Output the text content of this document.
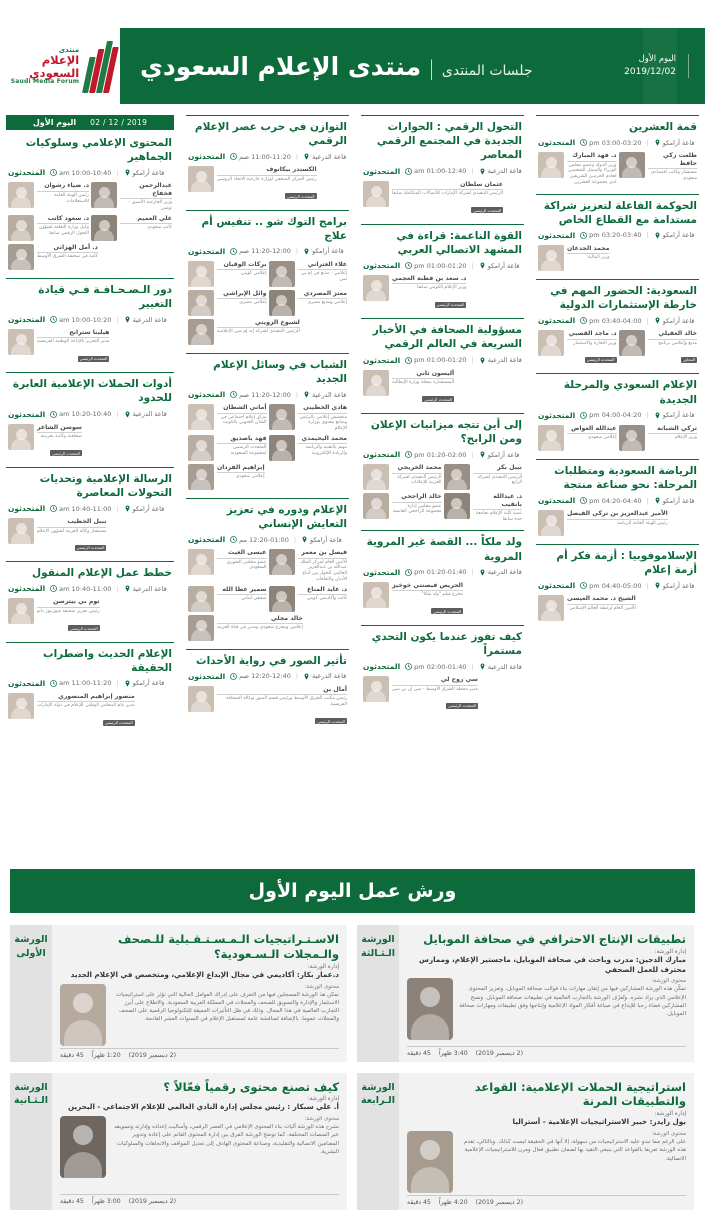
منتدى
الإعلام
السعودي
Saudi Media Forum
اليوم الأول
2019/12/02
جلسات المنتدى
|
منتدى الإعلام السعودي
اليوم الأول 2019 / 12 / 02
المحتوى الإعلامي وسلوكيات الجماهير
المتحدثون 10:00-10:40 am | قاعة أرامكو
د. ضياء رشوان
رئيس الهيئة العامة للاستعلامات
عبدالرحمن فخفاخ
وزير الخارجية الأسبق - تونس
د. سعود كاتب
وكيل وزارة الثقافة لشؤون التحول الرقمي سابقا
علي العميم
كاتب سعودي
د. أمل الهزاني
كاتبة في صحيفة الشرق الأوسط
دور الـصـحـافـة فـي قيادة التغيير
المتحدثون 10:00-10:20 am | قاعة الدرعية
هيلينا سترانج
مدير التحرير بالإذاعة الوطنية الفرنسية
المتحدث الرئيسي
أدوات الحملات الإعلامية العابرة للحدود
المتحدثون 10:20-10:40 am | قاعة الدرعية
سوسن الشاعر
صحافية وكاتبة بحرينية
المتحدث الرئيسي
الرسالة الإعلامية وتحديات التحولات المعاصرة
المتحدثون 10:40-11:00 am | قاعة أرامكو
نبيل الخطيب
مستشار وكالة العربية لشؤون الإعلام
المتحدث الرئيسي
خطط عمل الإعلام المنقول
المتحدثون 10:40-11:00 am | قاعة الدرعية
توم بي بيترسن
رئيس تحرير صحيفة فيوزنيوز دانو
المتحدث الرئيسي
الإعلام الحديث واضطراب الحقيقة
المتحدثون 11:00-11:20 am | قاعة أرامكو
منصور إبراهيم المنصوري
مدير عام المجلس الوطني للإعلام في دولة الإمارات
المتحدث الرئيسي
التوازن في حرب عصر الإعلام الرقمي
المتحدثون 11:00-11:20 صم | قاعة الدرعية
الكسندر بيكانوف
رئيس المركز الصحفي لوزارة خارجية الاتحاد الروسي
المتحدث الرئيسي
برامج التوك شو .. تنفيس أم علاج
المتحدثون 11:20-12:00 صم | قاعة أرامكو
بركات الوقيان
إعلامي كويتي
علاء الغتراني
إعلامي - مذيع في إم بي سي
وائل الإبراشي
إعلامي مصري
معتز المصردي
إعلامي ومذيع مصري
لشيوخ الزويني
الرئيس التنفيذي لشركة إيه إم سي الإعلامية
الشباب في وسائل الإعلام الجديد
المتحدثون 11:20-12:00 صم | قاعة الدرعية
أماني الشطان
مركز إعلام اجتماعي في الشأن الجنوبي بالكويت
هادي الخطيبي
متخصص إعلامي بالرئيس وصانع محتوى بوزارة الإعلام
فهد باصديق
المتحدث الرسمي لمجموعة السعودية
محمد اليحيمدي
مهتم بالتقنية والرياضة والريادة الإلكترونية
إبراهيم الفردان
إعلامي سعودي
الإعلام ودوره في تعزيز التعايش الإنساني
المتحدثون 12:20-01:00 مم | قاعة أرامكو
عيسى الغيث
عضو مجلس الشورى السعودي
فيصل بن معمر
الأمين العام لمركز الملك عبدالله بن عبدالعزيز العالمي للحوار بين أتباع الأديان والثقافات
سمير عطا الله
صحفي لبناني
د. عايد المناع
كاتب وأكاديمي كويتي
خالد مجلي
إعلامي ومخرج سعودي ومدير في قناة العربية
تأثير الصور في رواية الأحداث
المتحدثون 12:20-12:40 صم | قاعة الدرعية
أمال بن
رئيس مكتب الشرق الأوسط ورئيس قسم الصور بوكالة الصحافة الفرنسية
المتحدث الرئيسي
التحول الرقمي : الحوارات الجديدة في المجتمع الرقمي المعاصر
المتحدثون 01:00-12:40 am | قاعة الدرعية
عثمان سلطان
الرئيس التنفيذي لشركة الإمارات للاتصالات المتكاملة سابقا
المتحدث الرئيسي
القوة الناعمة: قراءة في المشهد الاتصالي العربي
المتحدثون 01:00-01:20 pm | قاعة أرامكو
د. سعد بن فطنة العجمي
وزير الإعلام الكويتي سابقا
المتحدث الرئيسي
مسؤولية الصحافة في الأخبار السريعة في العالم الرقمي
المتحدثون 01:00-01:20 pm | قاعة الدرعية
أليسون ثاني
المستشارة بمجلة وزارة الإيطالية
المتحدث الرئيسي
إلى أين تتجه ميزانيات الإعلان ومن الرابح؟
المتحدثون 01:20-02:00 pm | قاعة أرامكو
محمد الخريجي
الرئيس التنفيذي لشركة العربية للإعلانات
نبيل بكر
الرئيس التنفيذي لشركة الرابع
خالد الراجحي
عضو مجلس إدارة مجموعة الراجحي القابضة
د. عبدالله بانقيب
عميد كلية الإعلام بجامعة جدة سابقا
ولد ملكاً ... القصة غير المروية المروية
المتحدثون 01:20-01:40 pm | قاعة الدرعية
الحريص فيصنتي خوخيز
مخرج فيلم "ولد ملكا"
المتحدث الرئيسي
كيف تفوز عندما يكون التحدي مستمراً
المتحدثون 02:00-01:40 pm | قاعة الدرعية
سي روح لي
مدير محطة الشرق الأوسط - سي إن بي سي
المتحدث الرئيسي
قمة العشرين
المتحدثون 03:00-03:20 pm | قاعة أرامكو
د. فهد المبارك
وزير الدولة وعضو مجلس الوزراء والممثل الشخصي لخادم الحرمين الشريفين لدى مجموعة العشرين
طلعت زكي حافظ
مستشار وكاتب اقتصادي سعودي
الحوكمة الفاعلة لتعزيز شراكة مستدامة مع القطاع الخاص
المتحدثون 03:20-03:40 pm | قاعة أرامكو
محمد الجدعان
وزير المالية
السعودية: الحضور المهم في خارطة الإستثمارات الدولية
المتحدثون 03:40-04:00 pm | قاعة أرامكو
د. ماجد القصبي
وزير التجارة والاستثمار
المتحدث الرئيسي
خالد العقيلي
مذيع وإعلامي برنامج
المحاور
الإعلام السعودي والمرحلة الجديدة
المتحدثون 04:00-04:20 pm | قاعة أرامكو
عبدالله العواض
إعلامي سعودي
تركي الشبانة
وزير الإعلام
الرياضة السعودية ومتطلبات المرحلة: نحو صناعة منتجة
المتحدثون 04:20-04:40 pm | قاعة أرامكو
الأمير عبدالعزيز بن تركي الفيصل
رئيس الهيئة العامة للرياضة
الإسلاموفوبيا : أزمة فكر أم أزمة إعلام
المتحدثون 04:40-05:00 pm | قاعة أرامكو
الشيخ د. محمد العيسى
الأمين العام لرابطة العالم الإسلامي
ورش عمل اليوم الأول
الورشة
الأولى
الاسـتـراتيجيات الـمـسـتـقـبلية للـصحف والـمجلات الـسـعودية؟
إدارة الورشة:
د.عمار بكار: أكاديمي في مجال الإبداع الإعلامي، ومتخصص في الإعلام الجديد
محتوى الورشة:
تمكن هذ الورشة المسجلين فيها من التعرف على إدراك العوامل الحالية التي تؤثر على استراتيجيات الاستثمار والإدارة والتسويق للصحف والمجلات في المملكة العربية السعودية. والاطلاع على أبرز التجارب العالمية في هذا المجال. وذلك في ظل التأثيرات العميقة للتكنولوجيا الرقمية على الصحف والمجلات عموما. بالإضافة لمناقشة عامة لمستقبل الإعلام في السنوات العشر القادمة.
45 دقيقة 1:20 ظهراً (2 ديسمبر 2019)
الورشة
الـثـالثة
تطبيقات الإنتاج الاحترافي في صحافة الموبايل
إدارة الورشة:
مبارك الدجين: مدرب وباحث في صحافة الموبايل، ماجستير الإعلام، وممارس محترف للعمل الصحفي
محتوى الورشة:
تمكّن هذه الورشة المشاركين فيها من إتقان مهارات بناء قوالب صحافة الموبايل، وتعزيز المحتوى الإعلامي الذي يراد نشره. وتُعرّف الورشة بالتجارب العالمية في تطبيقات صحافة الموبايل. وتمنح المشاركين فضاء رحبا للإبداع في صياغة أفكار المواد الإعلامية وإنتاجها وفق تطبيقات ومهارات صحافة الموبايل.
45 دقيقة 3:40 ظهراً (2 ديسمبر 2019)
الورشة
الـثـانية
كيف تصنع محتوى رقمياً فعّالاً ؟
إدارة الورشة:
أ. علي سبكار : رئيس مجلس إدارة النادي العالمي للإعلام الاجتماعي - البحرين
محتوى الورشة:
تشرح هذه الورشة آليات بناء المحتوى الإعلامي في العصر الرقمي، وأساليب إعداده وإدارته وتسويقه عبر المنصات المختلفة. كما توضح الورشة الفرق بين إدارة المحتوى القائم على إعادة وتدوير المضامين الاتصالية والتقليدية، وصناعة المحتوى الهادف إلى تعديل المواقف والاتجاهات والسلوكيات البشرية.
45 دقيقة 3:00 ظهراً (2 ديسمبر 2019)
الورشة
الـرابعة
استراتيجية الحملات الإعلامية: القواعد والتطبيقات المرنة
إدارة الورشة:
بول رايدر: خبير الاستراتيجيات الإعلامية - أستراليا
محتوى الورشة:
على الرغم مما تبدو عليه الاستراتيجيات من سهولة، إلا أنها في الحقيقة ليست كذلك. وبالتالي، تقدم هذه الورشة تعريفا بالقواعد التي ينبغي التقيد بها لضمان تطبيق فعال ومرن للاستراتيجيات الإعلامية الاتصالية.
45 دقيقة 4:20 ظهراً (2 ديسمبر 2019)
